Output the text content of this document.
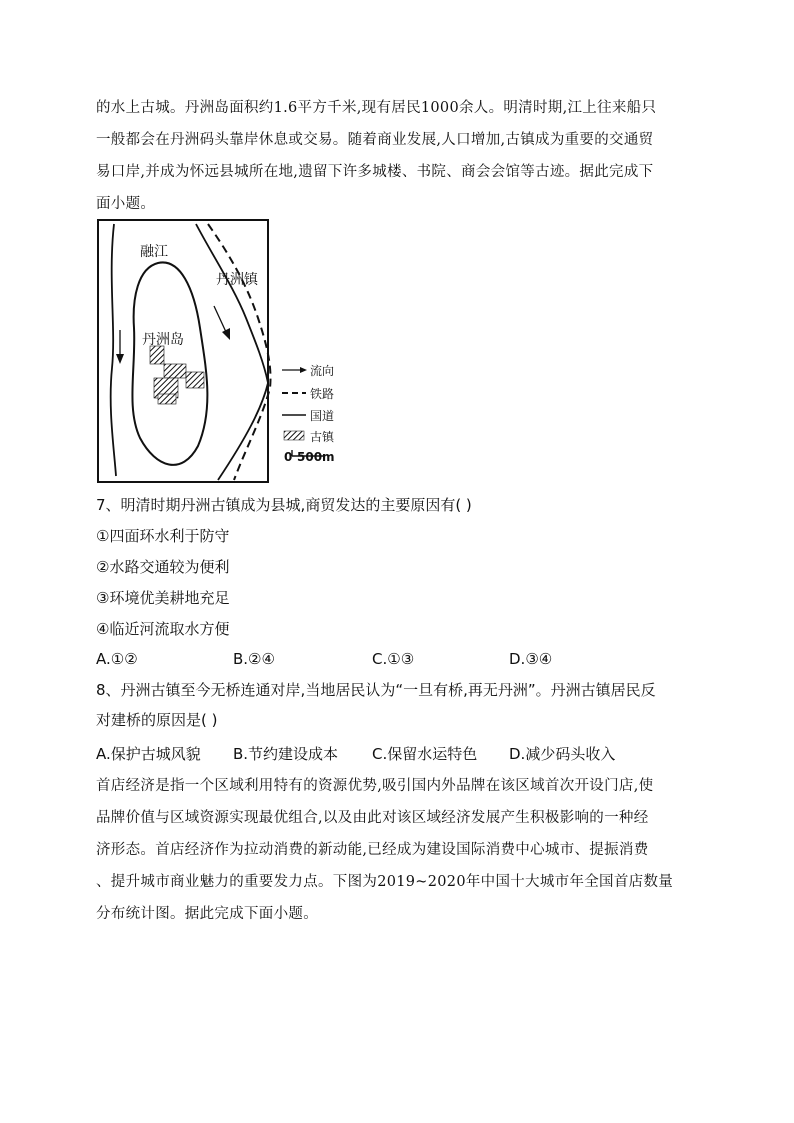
的水上古城。丹洲岛面积约1.6平方千米,现有居民1000余人。明清时期,江上往来船只
一般都会在丹洲码头靠岸休息或交易。随着商业发展,人口增加,古镇成为重要的交通贸
易口岸,并成为怀远县城所在地,遗留下许多城楼、书院、商会会馆等古迹。据此完成下
面小题。
融江
丹洲镇
丹洲岛
流向
铁路
国道
古镇
0 500m
7、明清时期丹洲古镇成为县城,商贸发达的主要原因有( )
①四面环水利于防守
②水路交通较为便利
③环境优美耕地充足
④临近河流取水方便
A.①②	B.②④	C.①③	D.③④
8、丹洲古镇至今无桥连通对岸,当地居民认为“一旦有桥,再无丹洲”。丹洲古镇居民反
对建桥的原因是( )
A.保护古城风貌 B.节约建设成本 C.保留水运特色 D.减少码头收入
首店经济是指一个区域利用特有的资源优势,吸引国内外品牌在该区域首次开设门店,使
品牌价值与区域资源实现最优组合,以及由此对该区域经济发展产生积极影响的一种经
济形态。首店经济作为拉动消费的新动能,已经成为建设国际消费中心城市、提振消费
、提升城市商业魅力的重要发力点。下图为2019~2020年中国十大城市年全国首店数量
分布统计图。据此完成下面小题。
